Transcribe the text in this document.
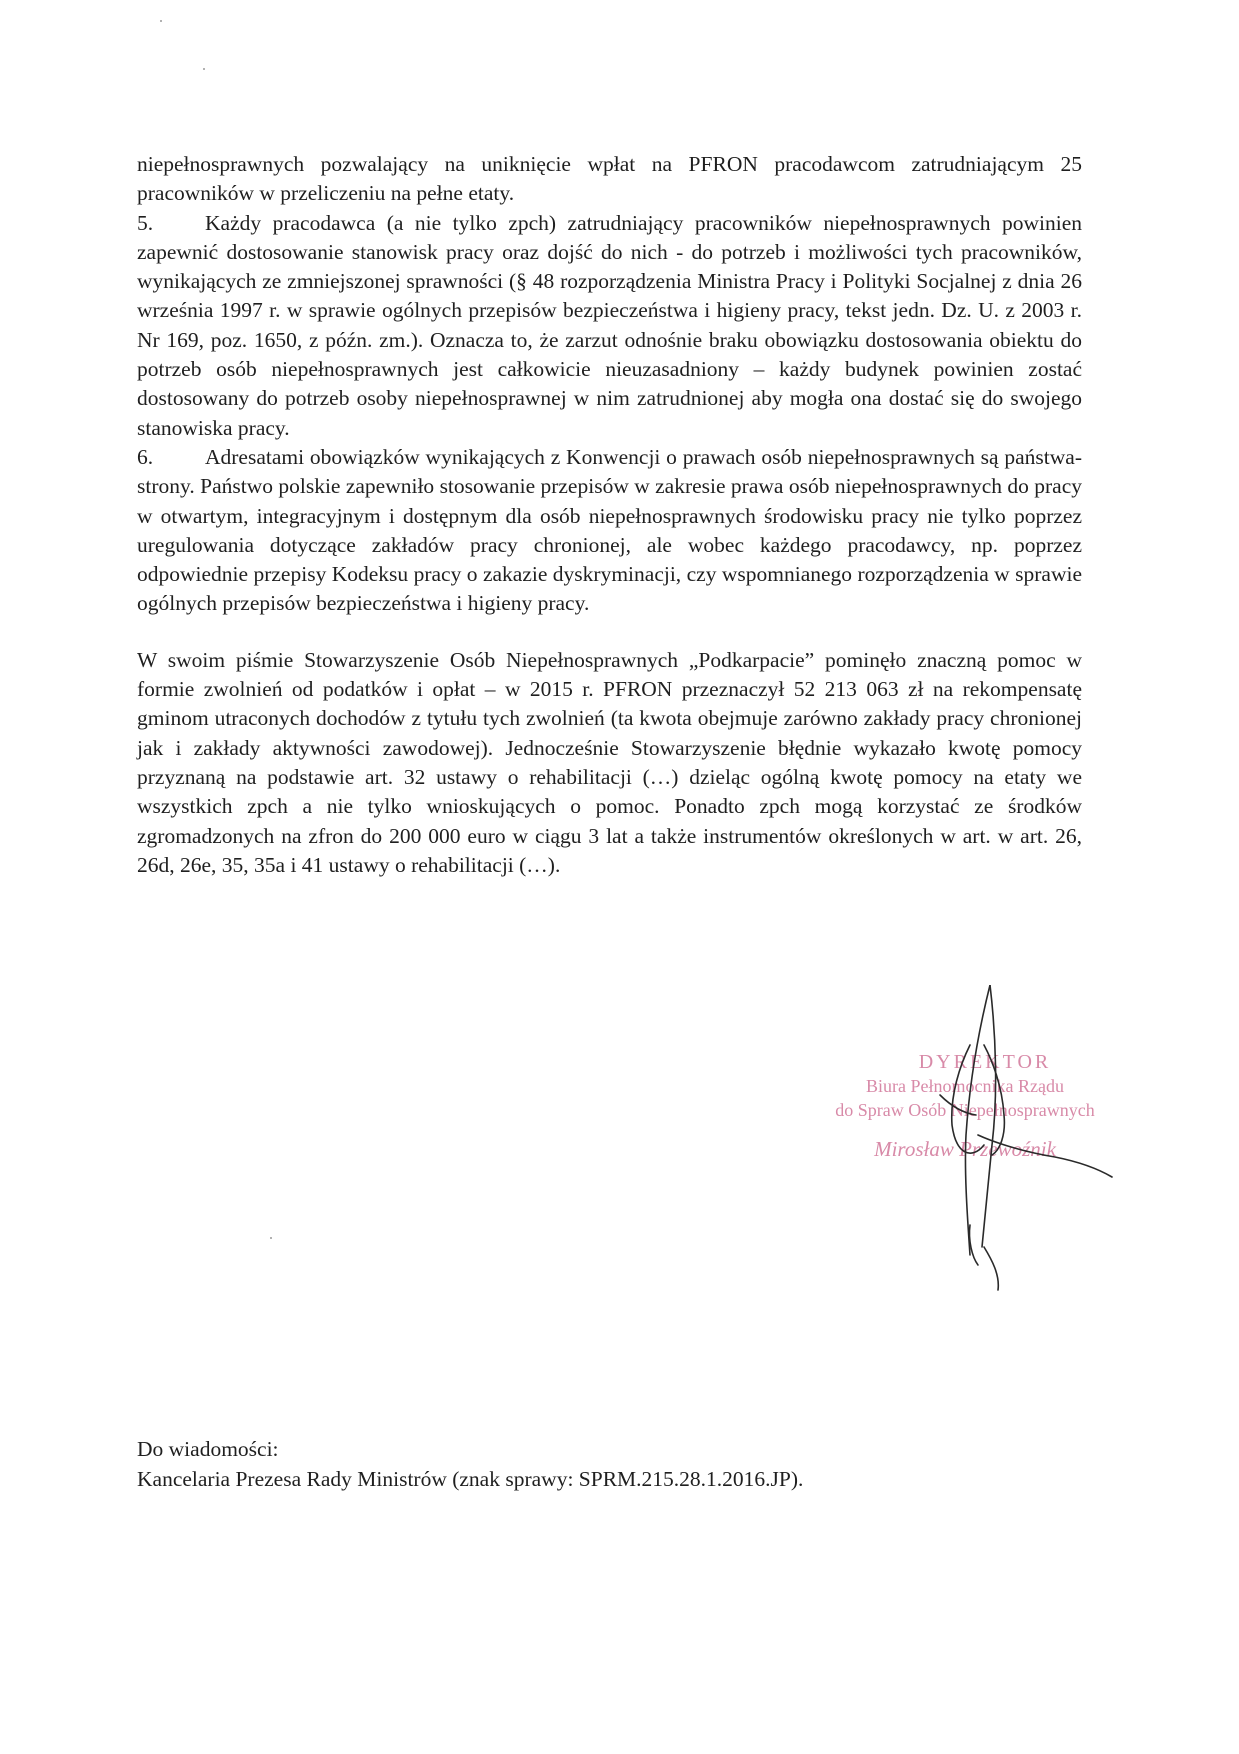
niepełnosprawnych pozwalający na uniknięcie wpłat na PFRON pracodawcom zatrudniającym 25 pracowników w przeliczeniu na pełne etaty.

5. Każdy pracodawca (a nie tylko zpch) zatrudniający pracowników niepełnosprawnych powinien zapewnić dostosowanie stanowisk pracy oraz dojść do nich - do potrzeb i możliwości tych pracowników, wynikających ze zmniejszonej sprawności (§ 48 rozporządzenia Ministra Pracy i Polityki Socjalnej z dnia 26 września 1997 r. w sprawie ogólnych przepisów bezpieczeństwa i higieny pracy, tekst jedn. Dz. U. z 2003 r. Nr 169, poz. 1650, z późn. zm.). Oznacza to, że zarzut odnośnie braku obowiązku dostosowania obiektu do potrzeb osób niepełnosprawnych jest całkowicie nieuzasadniony – każdy budynek powinien zostać dostosowany do potrzeb osoby niepełnosprawnej w nim zatrudnionej aby mogła ona dostać się do swojego stanowiska pracy.

6. Adresatami obowiązków wynikających z Konwencji o prawach osób niepełnosprawnych są państwa-strony. Państwo polskie zapewniło stosowanie przepisów w zakresie prawa osób niepełnosprawnych do pracy w otwartym, integracyjnym i dostępnym dla osób niepełnosprawnych środowisku pracy nie tylko poprzez uregulowania dotyczące zakładów pracy chronionej, ale wobec każdego pracodawcy, np. poprzez odpowiednie przepisy Kodeksu pracy o zakazie dyskryminacji, czy wspomnianego rozporządzenia w sprawie ogólnych przepisów bezpieczeństwa i higieny pracy.

W swoim piśmie Stowarzyszenie Osób Niepełnosprawnych „Podkarpacie” pominęło znaczną pomoc w formie zwolnień od podatków i opłat – w 2015 r. PFRON przeznaczył 52 213 063 zł na rekompensatę gminom utraconych dochodów z tytułu tych zwolnień (ta kwota obejmuje zarówno zakłady pracy chronionej jak i zakłady aktywności zawodowej). Jednocześnie Stowarzyszenie błędnie wykazało kwotę pomocy przyznaną na podstawie art. 32 ustawy o rehabilitacji (…) dzieląc ogólną kwotę pomocy na etaty we wszystkich zpch a nie tylko wnioskujących o pomoc. Ponadto zpch mogą korzystać ze środków zgromadzonych na zfron do 200 000 euro w ciągu 3 lat a także instrumentów określonych w art. w art. 26, 26d, 26e, 35, 35a i 41 ustawy o rehabilitacji (…).

DYREKTOR
Biura Pełnomocnika Rządu
do Spraw Osób Niepełnosprawnych
Mirosław Przewoźnik
Do wiadomości:
Kancelaria Prezesa Rady Ministrów (znak sprawy: SPRM.215.28.1.2016.JP).
